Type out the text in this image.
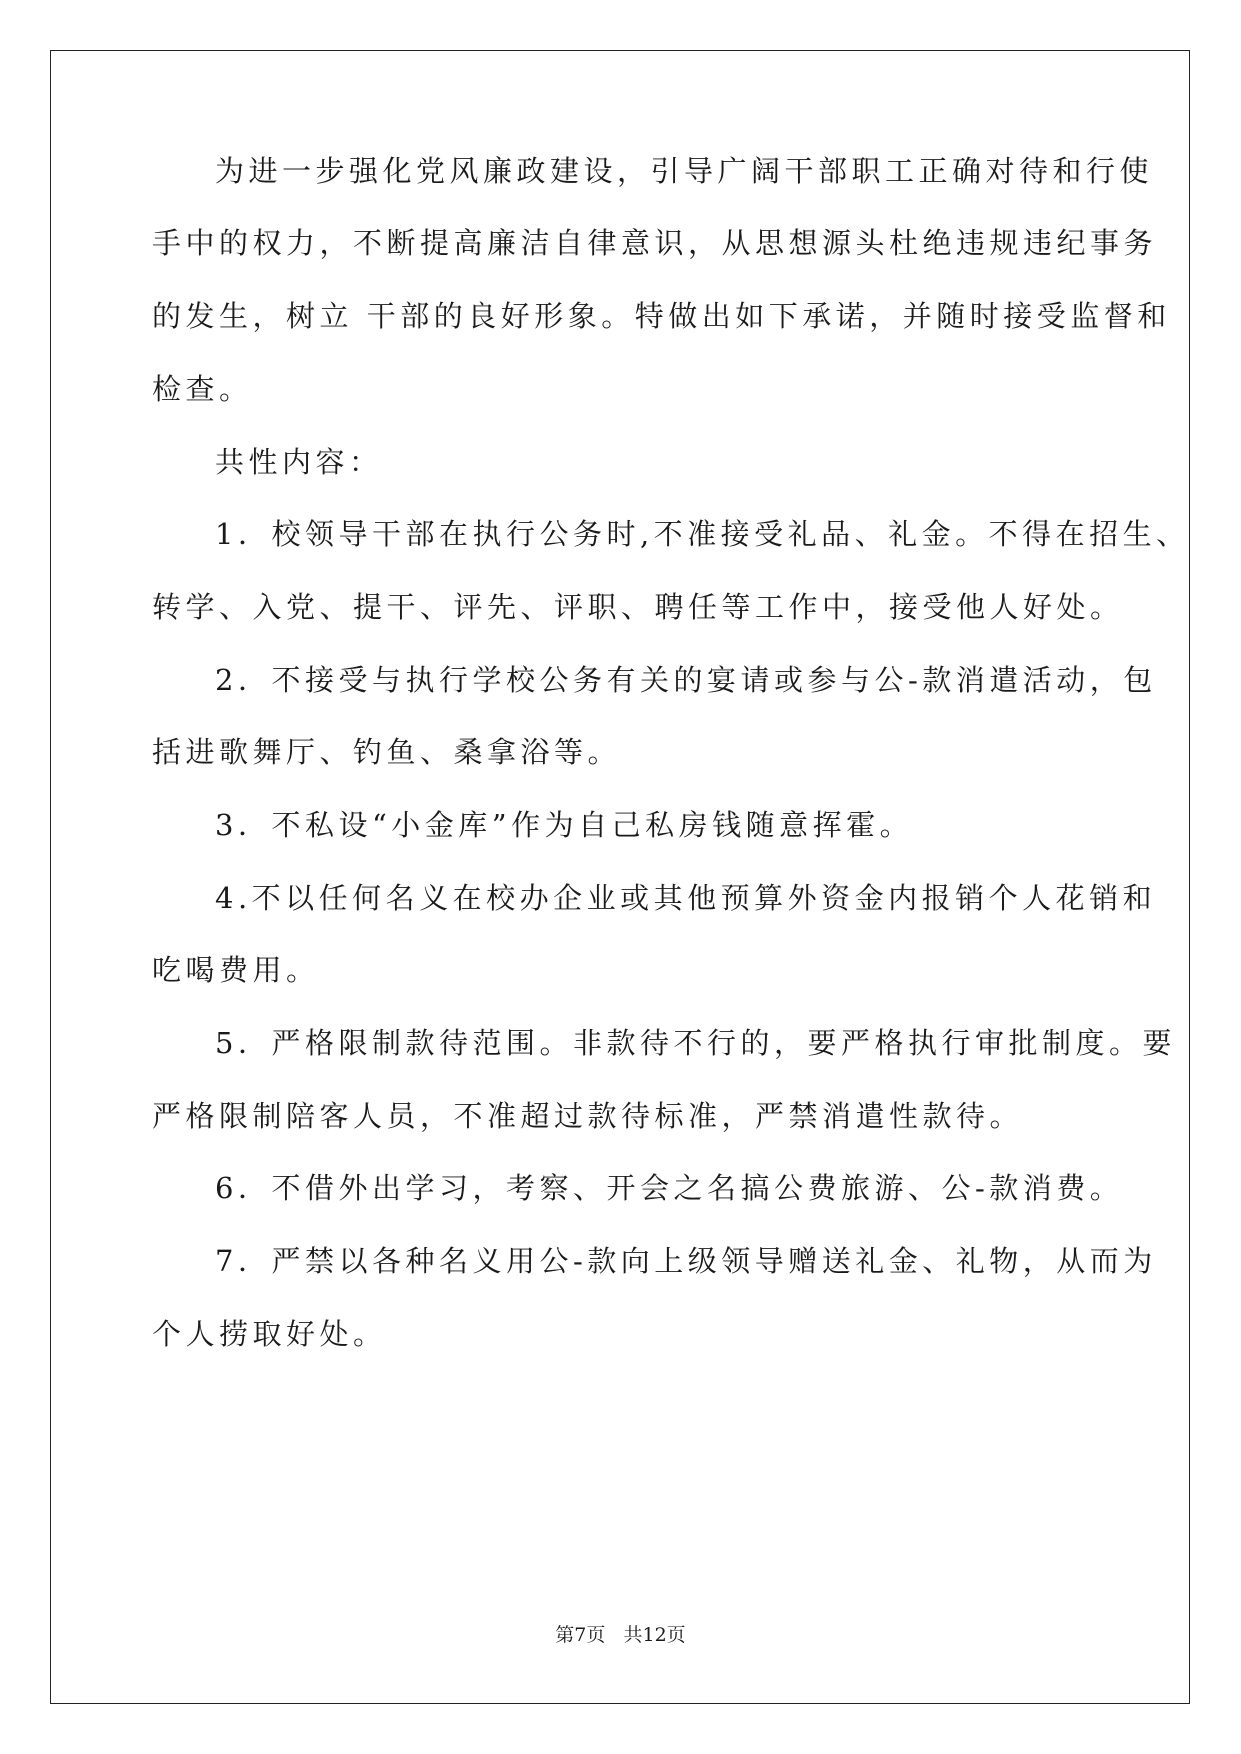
为进一步强化党风廉政建设，引导广阔干部职工正确对待和行使
手中的权力，不断提高廉洁自律意识，从思想源头杜绝违规违纪事务
的发生，树立 干部的良好形象。特做出如下承诺，并随时接受监督和
检查。
共性内容：
1．校领导干部在执行公务时,不准接受礼品、礼金。不得在招生、
转学、入党、提干、评先、评职、聘任等工作中，接受他人好处。
2．不接受与执行学校公务有关的宴请或参与公-款消遣活动，包
括进歌舞厅、钓鱼、桑拿浴等。
3．不私设“小金库”作为自己私房钱随意挥霍。
4.不以任何名义在校办企业或其他预算外资金内报销个人花销和
吃喝费用。
5．严格限制款待范围。非款待不行的，要严格执行审批制度。要
严格限制陪客人员，不准超过款待标准，严禁消遣性款待。
6．不借外出学习，考察、开会之名搞公费旅游、公-款消费。
7．严禁以各种名义用公-款向上级领导赠送礼金、礼物，从而为
个人捞取好处。
第7页   共12页
